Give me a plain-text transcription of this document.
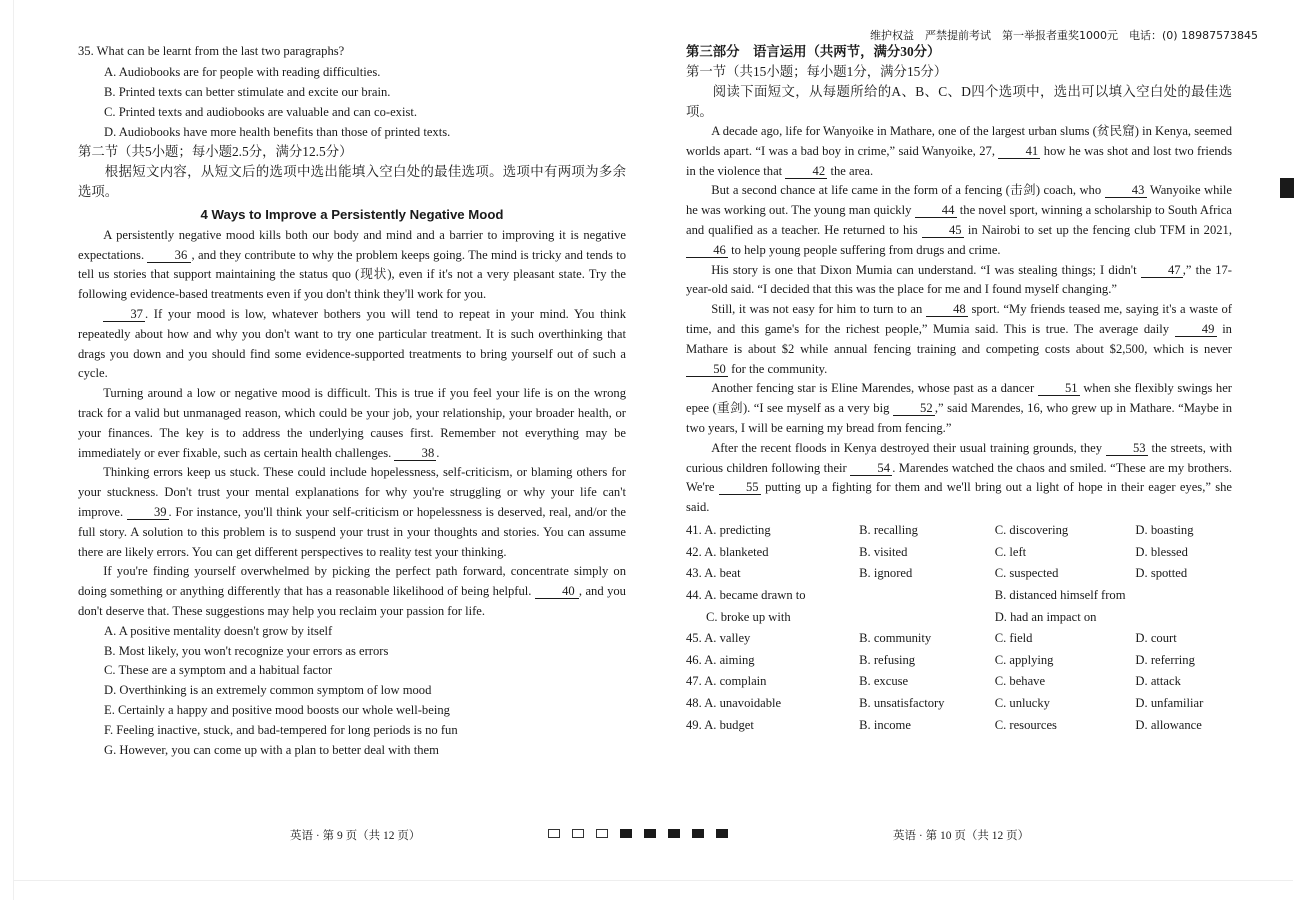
维护权益　严禁提前考试　第一举报者重奖1000元　电话：(0) 18987573845

35. What can be learnt from the last two paragraphs?

A. Audiobooks are for people with reading difficulties.

B. Printed texts can better stimulate and excite our brain.

C. Printed texts and audiobooks are valuable and can co-exist.

D. Audiobooks have more health benefits than those of printed texts.

第二节（共5小题；每小题2.5分，满分12.5分）

根据短文内容，从短文后的选项中选出能填入空白处的最佳选项。选项中有两项为多余选项。

4 Ways to Improve a Persistently Negative Mood

A persistently negative mood kills both our body and mind and a barrier to improving it is negative expectations. 36 , and they contribute to why the problem keeps going. The mind is tricky and tends to tell us stories that support maintaining the status quo (现状), even if it's not a very pleasant state. Try the following evidence-based treatments even if you don't think they'll work for you.

37 . If your mood is low, whatever bothers you will tend to repeat in your mind. You think repeatedly about how and why you don't want to try one particular treatment. It is such overthinking that drags you down and you should find some evidence-supported treatments to bring yourself out of such a cycle.

Turning around a low or negative mood is difficult. This is true if you feel your life is on the wrong track for a valid but unmanaged reason, which could be your job, your relationship, your broader health, or your finances. The key is to address the underlying causes first. Remember not everything may be immediately or ever fixable, such as certain health challenges. 38 .

Thinking errors keep us stuck. These could include hopelessness, self-criticism, or blaming others for your stuckness. Don't trust your mental explanations for why you're struggling or why your life can't improve. 39 . For instance, you'll think your self-criticism or hopelessness is deserved, real, and/or the full story. A solution to this problem is to suspend your trust in your thoughts and stories. You can assume there are likely errors. You can get different perspectives to reality test your thinking.

If you're finding yourself overwhelmed by picking the perfect path forward, concentrate simply on doing something or anything differently that has a reasonable likelihood of being helpful. 40 , and you don't deserve that. These suggestions may help you reclaim your passion for life.

A. A positive mentality doesn't grow by itself

B. Most likely, you won't recognize your errors as errors

C. These are a symptom and a habitual factor

D. Overthinking is an extremely common symptom of low mood

E. Certainly a happy and positive mood boosts our whole well-being

F. Feeling inactive, stuck, and bad-tempered for long periods is no fun

G. However, you can come up with a plan to better deal with them

英语 · 第 9 页（共 12 页）

第三部分　语言运用（共两节，满分30分）

第一节（共15小题；每小题1分，满分15分）

阅读下面短文，从每题所给的A、B、C、D四个选项中，选出可以填入空白处的最佳选项。

A decade ago, life for Wanyoike in Mathare, one of the largest urban slums (贫民窟) in Kenya, seemed worlds apart. “I was a bad boy in crime,” said Wanyoike, 27, 41 how he was shot and lost two friends in the violence that 42 the area.

But a second chance at life came in the form of a fencing (击剑) coach, who 43 Wanyoike while he was working out. The young man quickly 44 the novel sport, winning a scholarship to South Africa and qualified as a teacher. He returned to his 45 in Nairobi to set up the fencing club TFM in 2021, 46 to help young people suffering from drugs and crime.

His story is one that Dixon Mumia can understand. “I was stealing things; I didn't 47 ,” the 17-year-old said. “I decided that this was the place for me and I found myself changing.”

Still, it was not easy for him to turn to an 48 sport. “My friends teased me, saying it's a waste of time, and this game's for the richest people,” Mumia said. This is true. The average daily 49 in Mathare is about $2 while annual fencing training and competing costs about $2,500, which is never 50 for the community.

Another fencing star is Eline Marendes, whose past as a dancer 51 when she flexibly swings her epee (重剑). “I see myself as a very big 52 ,” said Marendes, 16, who grew up in Mathare. “Maybe in two years, I will be earning my bread from fencing.”

After the recent floods in Kenya destroyed their usual training grounds, they 53 the streets, with curious children following their 54 . Marendes watched the chaos and smiled. “These are my brothers. We're 55 putting up a fighting for them and we'll bring out a light of hope in their eager eyes,” she said.

41. A. predicting	B. recalling	C. discovering	D. boasting
42. A. blanketed	B. visited	C. left	D. blessed
43. A. beat	B. ignored	C. suspected	D. spotted
44. A. became drawn to		B. distanced himself from	
C. broke up with		D. had an impact on	
45. A. valley	B. community	C. field	D. court
46. A. aiming	B. refusing	C. applying	D. referring
47. A. complain	B. excuse	C. behave	D. attack
48. A. unavoidable	B. unsatisfactory	C. unlucky	D. unfamiliar
49. A. budget	B. income	C. resources	D. allowance
英语 · 第 10 页（共 12 页）
